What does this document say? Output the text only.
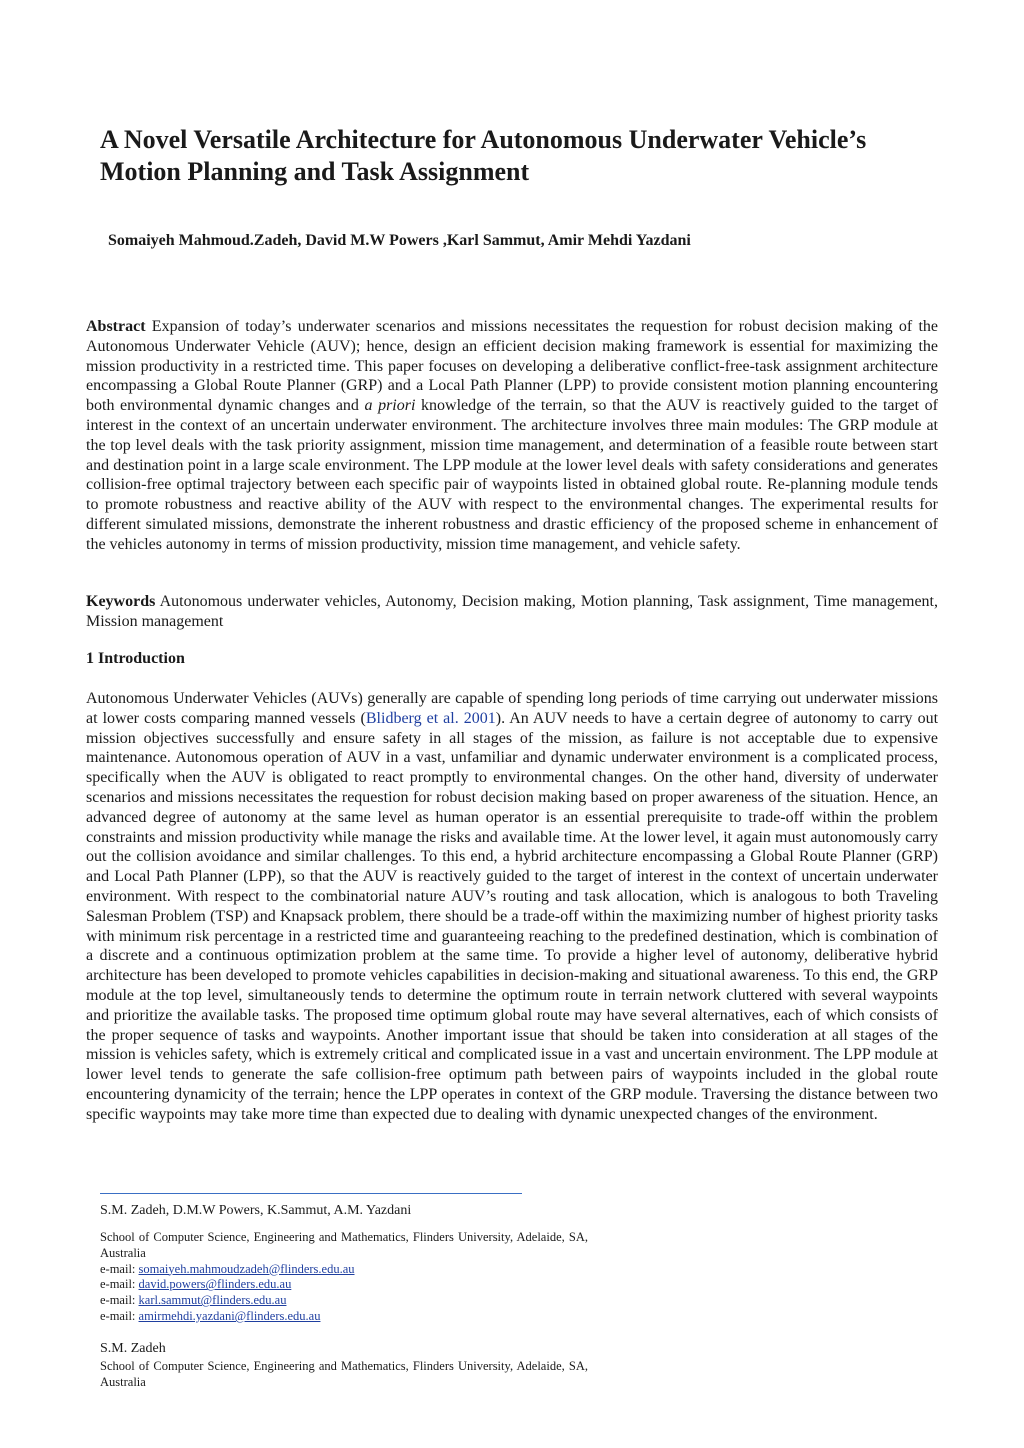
A Novel Versatile Architecture for Autonomous Underwater Vehicle’s
Motion Planning and Task Assignment

Somaiyeh Mahmoud.Zadeh, David M.W Powers ,Karl Sammut, Amir Mehdi Yazdani

Abstract Expansion of today’s underwater scenarios and missions necessitates the requestion for robust decision making of the Autonomous Underwater Vehicle (AUV); hence, design an efficient decision making framework is essential for maximizing the mission productivity in a restricted time. This paper focuses on developing a deliberative conflict-free-task assignment architecture encompassing a Global Route Planner (GRP) and a Local Path Planner (LPP) to provide consistent motion planning encountering both environmental dynamic changes and a priori knowledge of the terrain, so that the AUV is reactively guided to the target of interest in the context of an uncertain underwater environment. The architecture involves three main modules: The GRP module at the top level deals with the task priority assignment, mission time management, and determination of a feasible route between start and destination point in a large scale environment. The LPP module at the lower level deals with safety considerations and generates collision-free optimal trajectory between each specific pair of waypoints listed in obtained global route. Re-planning module tends to promote robustness and reactive ability of the AUV with respect to the environmental changes. The experimental results for different simulated missions, demonstrate the inherent robustness and drastic efficiency of the proposed scheme in enhancement of the vehicles autonomy in terms of mission productivity, mission time management, and vehicle safety.

Keywords Autonomous underwater vehicles, Autonomy, Decision making, Motion planning, Task assignment, Time management, Mission management

1 Introduction

Autonomous Underwater Vehicles (AUVs) generally are capable of spending long periods of time carrying out underwater missions at lower costs comparing manned vessels (Blidberg et al. 2001). An AUV needs to have a certain degree of autonomy to carry out mission objectives successfully and ensure safety in all stages of the mission, as failure is not acceptable due to expensive maintenance. Autonomous operation of AUV in a vast, unfamiliar and dynamic underwater environment is a complicated process, specifically when the AUV is obligated to react promptly to environmental changes. On the other hand, diversity of underwater scenarios and missions necessitates the requestion for robust decision making based on proper awareness of the situation. Hence, an advanced degree of autonomy at the same level as human operator is an essential prerequisite to trade-off within the problem constraints and mission productivity while manage the risks and available time. At the lower level, it again must autonomously carry out the collision avoidance and similar challenges. To this end, a hybrid architecture encompassing a Global Route Planner (GRP) and Local Path Planner (LPP), so that the AUV is reactively guided to the target of interest in the context of uncertain underwater environment. With respect to the combinatorial nature AUV’s routing and task allocation, which is analogous to both Traveling Salesman Problem (TSP) and Knapsack problem, there should be a trade-off within the maximizing number of highest priority tasks with minimum risk percentage in a restricted time and guaranteeing reaching to the predefined destination, which is combination of a discrete and a continuous optimization problem at the same time. To provide a higher level of autonomy, deliberative hybrid architecture has been developed to promote vehicles capabilities in decision-making and situational awareness. To this end, the GRP module at the top level, simultaneously tends to determine the optimum route in terrain network cluttered with several waypoints and prioritize the available tasks. The proposed time optimum global route may have several alternatives, each of which consists of the proper sequence of tasks and waypoints. Another important issue that should be taken into consideration at all stages of the mission is vehicles safety, which is extremely critical and complicated issue in a vast and uncertain environment. The LPP module at lower level tends to generate the safe collision-free optimum path between pairs of waypoints included in the global route encountering dynamicity of the terrain; hence the LPP operates in context of the GRP module. Traversing the distance between two specific waypoints may take more time than expected due to dealing with dynamic unexpected changes of the environment.

S.M. Zadeh, D.M.W Powers, K.Sammut, A.M. Yazdani

School of Computer Science, Engineering and Mathematics, Flinders University, Adelaide, SA, Australia
e-mail: somaiyeh.mahmoudzadeh@flinders.edu.au
e-mail: david.powers@flinders.edu.au
e-mail: karl.sammut@flinders.edu.au
e-mail: amirmehdi.yazdani@flinders.edu.au

S.M. Zadeh

School of Computer Science, Engineering and Mathematics, Flinders University, Adelaide, SA, Australia
